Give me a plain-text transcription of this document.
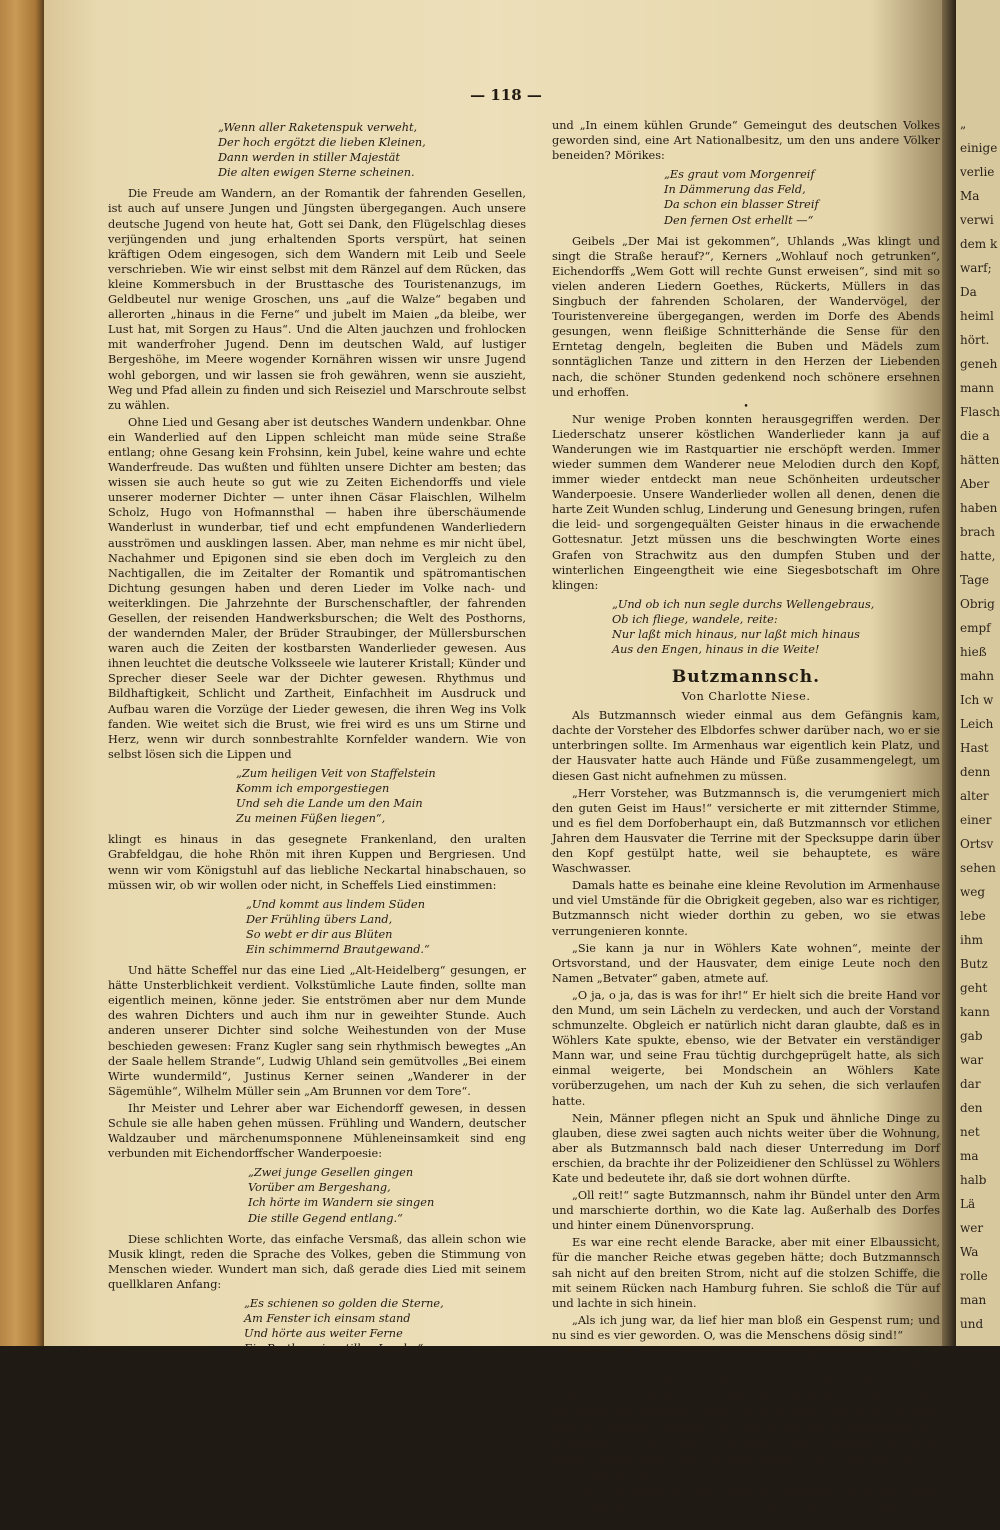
— 118 —
„Wenn aller Raketenspuk verweht,
Der hoch ergötzt die lieben Kleinen,
Dann werden in stiller Majestät
Die alten ewigen Sterne scheinen.

Die Freude am Wandern, an der Romantik der fahrenden Gesellen, ist auch auf unsere Jungen und Jüngsten übergegangen. Auch unsere deutsche Jugend von heute hat, Gott sei Dank, den Flügelschlag dieses verjüngenden und jung erhaltenden Sports verspürt, hat seinen kräftigen Odem eingesogen, sich dem Wandern mit Leib und Seele verschrieben. Wie wir einst selbst mit dem Ränzel auf dem Rücken, das kleine Kommersbuch in der Brusttasche des Touristenanzugs, im Geldbeutel nur wenige Groschen, uns „auf die Walze“ begaben und allerorten „hinaus in die Ferne“ und jubelt im Maien „da bleibe, wer Lust hat, mit Sorgen zu Haus“. Und die Alten jauchzen und frohlocken mit wanderfroher Jugend. Denn im deutschen Wald, auf lustiger Bergeshöhe, im Meere wogender Kornähren wissen wir unsre Jugend wohl geborgen, und wir lassen sie froh gewähren, wenn sie auszieht, Weg und Pfad allein zu finden und sich Reiseziel und Marschroute selbst zu wählen.

Ohne Lied und Gesang aber ist deutsches Wandern undenkbar. Ohne ein Wanderlied auf den Lippen schleicht man müde seine Straße entlang; ohne Gesang kein Frohsinn, kein Jubel, keine wahre und echte Wanderfreude. Das wußten und fühlten unsere Dichter am besten; das wissen sie auch heute so gut wie zu Zeiten Eichendorffs und viele unserer moderner Dichter — unter ihnen Cäsar Flaischlen, Wilhelm Scholz, Hugo von Hofmannsthal — haben ihre überschäumende Wanderlust in wunderbar, tief und echt empfundenen Wanderliedern ausströmen und ausklingen lassen. Aber, man nehme es mir nicht übel, Nachahmer und Epigonen sind sie eben doch im Vergleich zu den Nachtigallen, die im Zeitalter der Romantik und spätromantischen Dichtung gesungen haben und deren Lieder im Volke nach- und weiterklingen. Die Jahrzehnte der Burschenschaftler, der fahrenden Gesellen, der reisenden Handwerksburschen; die Welt des Posthorns, der wandernden Maler, der Brüder Straubinger, der Müllersburschen waren auch die Zeiten der kostbarsten Wanderlieder gewesen. Aus ihnen leuchtet die deutsche Volksseele wie lauterer Kristall; Künder und Sprecher dieser Seele war der Dichter gewesen. Rhythmus und Bildhaftigkeit, Schlicht und Zartheit, Einfachheit im Ausdruck und Aufbau waren die Vorzüge der Lieder gewesen, die ihren Weg ins Volk fanden. Wie weitet sich die Brust, wie frei wird es uns um Stirne und Herz, wenn wir durch sonnbestrahlte Kornfelder wandern. Wie von selbst lösen sich die Lippen und

„Zum heiligen Veit von Staffelstein
Komm ich emporgestiegen
Und seh die Lande um den Main
Zu meinen Füßen liegen“,

klingt es hinaus in das gesegnete Frankenland, den uralten Grabfeldgau, die hohe Rhön mit ihren Kuppen und Bergriesen. Und wenn wir vom Königstuhl auf das liebliche Neckartal hinabschauen, so müssen wir, ob wir wollen oder nicht, in Scheffels Lied einstimmen:

„Und kommt aus lindem Süden
Der Frühling übers Land,
So webt er dir aus Blüten
Ein schimmernd Brautgewand.“

Und hätte Scheffel nur das eine Lied „Alt-Heidelberg“ gesungen, er hätte Unsterblichkeit verdient. Volkstümliche Laute finden, sollte man eigentlich meinen, könne jeder. Sie entströmen aber nur dem Munde des wahren Dichters und auch ihm nur in geweihter Stunde. Auch anderen unserer Dichter sind solche Weihestunden von der Muse beschieden gewesen: Franz Kugler sang sein rhythmisch bewegtes „An der Saale hellem Strande“, Ludwig Uhland sein gemütvolles „Bei einem Wirte wundermild“, Justinus Kerner seinen „Wanderer in der Sägemühle“, Wilhelm Müller sein „Am Brunnen vor dem Tore“.

Ihr Meister und Lehrer aber war Eichendorff gewesen, in dessen Schule sie alle haben gehen müssen. Frühling und Wandern, deutscher Waldzauber und märchenumsponnene Mühleneinsamkeit sind eng verbunden mit Eichendorffscher Wanderpoesie:

„Zwei junge Gesellen gingen
Vorüber am Bergeshang,
Ich hörte im Wandern sie singen
Die stille Gegend entlang.“

Diese schlichten Worte, das einfache Versmaß, das allein schon wie Musik klingt, reden die Sprache des Volkes, geben die Stimmung von Menschen wieder. Wundert man sich, daß gerade dies Lied mit seinem quellklaren Anfang:

„Es schienen so golden die Sterne,
Am Fenster ich einsam stand
Und hörte aus weiter Ferne
Ein Posthorn im stillen Land...“

und „In einem kühlen Grunde“ Gemeingut des deutschen Volkes geworden sind, eine Art Nationalbesitz, um den uns andere Völker beneiden? Mörikes:

„Es graut vom Morgenreif
In Dämmerung das Feld,
Da schon ein blasser Streif
Den fernen Ost erhellt —“

Geibels „Der Mai ist gekommen“, Uhlands „Was klingt und singt die Straße herauf?“, Kerners „Wohlauf noch getrunken“, Eichendorffs „Wem Gott will rechte Gunst erweisen“, sind mit so vielen anderen Liedern Goethes, Rückerts, Müllers in das Singbuch der fahrenden Scholaren, der Wandervögel, der Touristenvereine übergegangen, werden im Dorfe des Abends gesungen, wenn fleißige Schnitterhände die Sense für den Erntetag dengeln, begleiten die Buben und Mädels zum sonntäglichen Tanze und zittern in den Herzen der Liebenden nach, die schöner Stunden gedenkend noch schönere ersehnen und erhoffen.

•

Nur wenige Proben konnten herausgegriffen werden. Der Liederschatz unserer köstlichen Wanderlieder kann ja auf Wanderungen wie im Rastquartier nie erschöpft werden. Immer wieder summen dem Wanderer neue Melodien durch den Kopf, immer wieder entdeckt man neue Schönheiten urdeutscher Wanderpoesie. Unsere Wanderlieder wollen all denen, denen die harte Zeit Wunden schlug, Linderung und Genesung bringen, rufen die leid- und sorgengequälten Geister hinaus in die erwachende Gottesnatur. Jetzt müssen uns die beschwingten Worte eines Grafen von Strachwitz aus den dumpfen Stuben und der winterlichen Eingeengtheit wie eine Siegesbotschaft im Ohre klingen:

„Und ob ich nun segle durchs Wellengebraus,
Ob ich fliege, wandele, reite:
Nur laßt mich hinaus, nur laßt mich hinaus
Aus den Engen, hinaus in die Weite!
Butzmannsch.
Von Charlotte Niese.

Als Butzmannsch wieder einmal aus dem Gefängnis kam, dachte der Vorsteher des Elbdorfes schwer darüber nach, wo er sie unterbringen sollte. Im Armenhaus war eigentlich kein Platz, und der Hausvater hatte auch Hände und Füße zusammengelegt, um diesen Gast nicht aufnehmen zu müssen.

„Herr Vorsteher, was Butzmannsch is, die verumgeniert mich den guten Geist im Haus!“ versicherte er mit zitternder Stimme, und es fiel dem Dorfoberhaupt ein, daß Butzmannsch vor etlichen Jahren dem Hausvater die Terrine mit der Specksuppe darin über den Kopf gestülpt hatte, weil sie behauptete, es wäre Waschwasser.

Damals hatte es beinahe eine kleine Revolution im Armenhause und viel Umstände für die Obrigkeit gegeben, also war es richtiger, Butzmannsch nicht wieder dorthin zu geben, wo sie etwas verrungenieren konnte.

„Sie kann ja nur in Wöhlers Kate wohnen“, meinte der Ortsvorstand, und der Hausvater, dem einige Leute noch den Namen „Betvater“ gaben, atmete auf.

„O ja, o ja, das is was for ihr!“ Er hielt sich die breite Hand vor den Mund, um sein Lächeln zu verdecken, und auch der Vorstand schmunzelte. Obgleich er natürlich nicht daran glaubte, daß es in Wöhlers Kate spukte, ebenso, wie der Betvater ein verständiger Mann war, und seine Frau tüchtig durchgeprügelt hatte, als sich einmal weigerte, bei Mondschein an Wöhlers Kate vorüberzugehen, um nach der Kuh zu sehen, die sich verlaufen hatte.

Nein, Männer pflegen nicht an Spuk und ähnliche Dinge zu glauben, diese zwei sagten auch nichts weiter über die Wohnung, aber als Butzmannsch bald nach dieser Unterredung im Dorf erschien, da brachte ihr der Polizeidiener den Schlüssel zu Wöhlers Kate und bedeutete ihr, daß sie dort wohnen dürfte.

„Oll reit!“ sagte Butzmannsch, nahm ihr Bündel unter den Arm und marschierte dorthin, wo die Kate lag. Außerhalb des Dorfes und hinter einem Dünenvorsprung.

Es war eine recht elende Baracke, aber mit einer Elbaussicht, für die mancher Reiche etwas gegeben hätte; doch Butzmannsch sah nicht auf den breiten Strom, nicht auf die stolzen Schiffe, die mit seinem Rücken nach Hamburg fuhren. Sie schloß die Tür auf und lachte in sich hinein.

„Als ich jung war, da lief hier man bloß ein Gespenst rum; und nu sind es vier geworden. O, was die Menschens dösig sind!“

Hieraus sieht man, daß Butzmannsch nicht recht an die vier Gespenster glaubte, die bei Mondenschein auf dem Dach der Hütte sitzen und laut schreien sollten. Es sollten die Seelen von vier Seeleuten sein, die ihren Kapitän ermordet hatten und dann selbst im Sturm umgekommen waren. So berichteten die Dorfbewohner, und alle Fremden glaubten die Geschichte mit Haarsträuben; nur Butzmannsch schien anderer Ansicht zu sein. Obgleich gerade sie wegen Kurpfuscherei und Zauberei immer wieder mit dem Gericht zu tun gehabt hatte.

Schon mancher Richter hatte sie ermahnt, doch von ihrem sonderbaren Gewerbe zu lassen, und sie hörte auch immer auf seine Worte.

„
einige
verlie
Ma
verwi
dem k
warf;
Da
heiml
hört.
geneh
mann
Flasch
die a
hätten
Aber
haben
brach
hatte,
Tage
Obrig
empf
hieß
mahn
Ich w
Leich
Hast
denn
alter
einer
Ortsv
sehen
weg
lebe
ihm
Butz
geht
kann
gab
war
dar
den
net
ma
halb
Lä
wer
Wa
rolle
man
und
